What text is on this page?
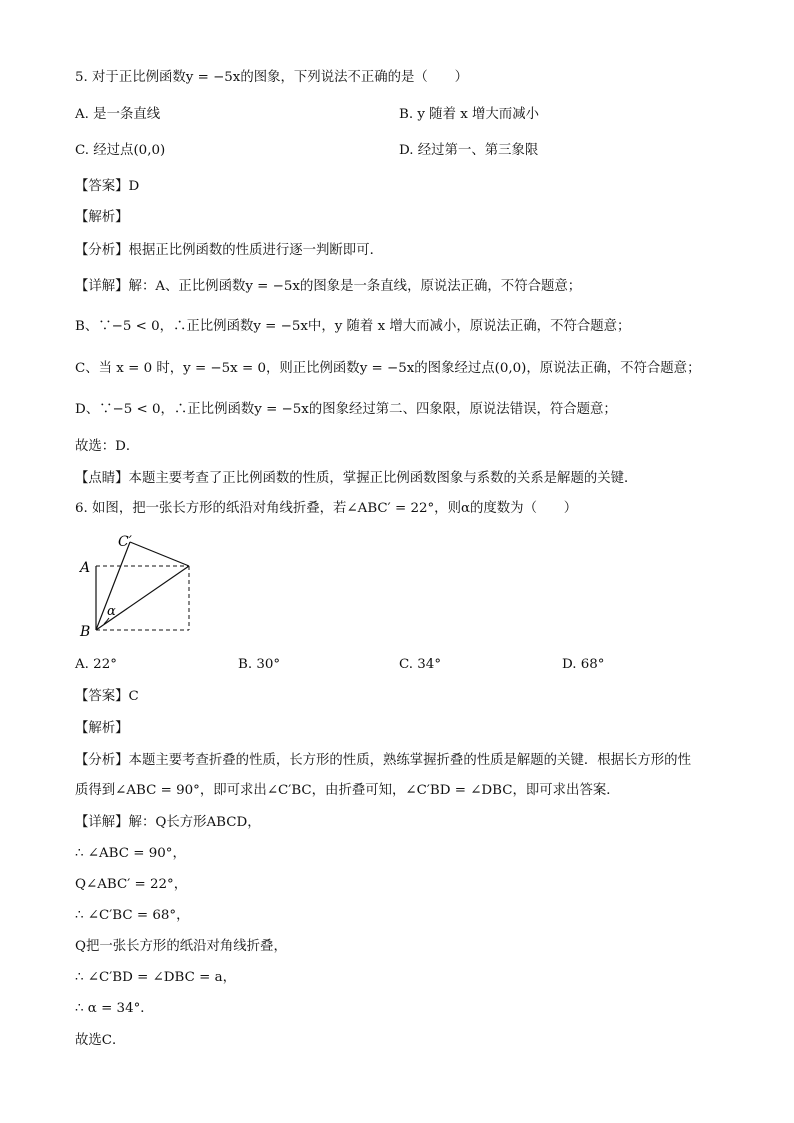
5. 对于正比例函数y = −5x的图象，下列说法不正确的是（　　）
A. 是一条直线	B. y 随着 x 增大而减小
C. 经过点(0,0)	D. 经过第一、第三象限
【答案】D
【解析】
【分析】根据正比例函数的性质进行逐一判断即可．
【详解】解：A、正比例函数y = −5x的图象是一条直线，原说法正确，不符合题意；
B、∵−5 < 0，∴正比例函数y = −5x中，y 随着 x 增大而减小，原说法正确，不符合题意；
C、当 x = 0 时，y = −5x = 0，则正比例函数y = −5x的图象经过点(0,0)，原说法正确，不符合题意；
D、∵−5 < 0，∴正比例函数y = −5x的图象经过第二、四象限，原说法错误，符合题意；
故选：D．
【点睛】本题主要考查了正比例函数的性质，掌握正比例函数图象与系数的关系是解题的关键．
6. 如图，把一张长方形的纸沿对角线折叠，若∠ABC′ = 22°，则α的度数为（　　）
C′
A
B
α
A. 22°	B. 30°	C. 34°	D. 68°
【答案】C
【解析】
【分析】本题主要考查折叠的性质，长方形的性质，熟练掌握折叠的性质是解题的关键．根据长方形的性
质得到∠ABC = 90°，即可求出∠C′BC，由折叠可知，∠C′BD = ∠DBC，即可求出答案．
【详解】解：Q长方形ABCD，
∴ ∠ABC = 90°，
Q∠ABC′ = 22°，
∴ ∠C′BC = 68°，
Q把一张长方形的纸沿对角线折叠，
∴ ∠C′BD = ∠DBC = a，
∴ α = 34°．
故选C．
